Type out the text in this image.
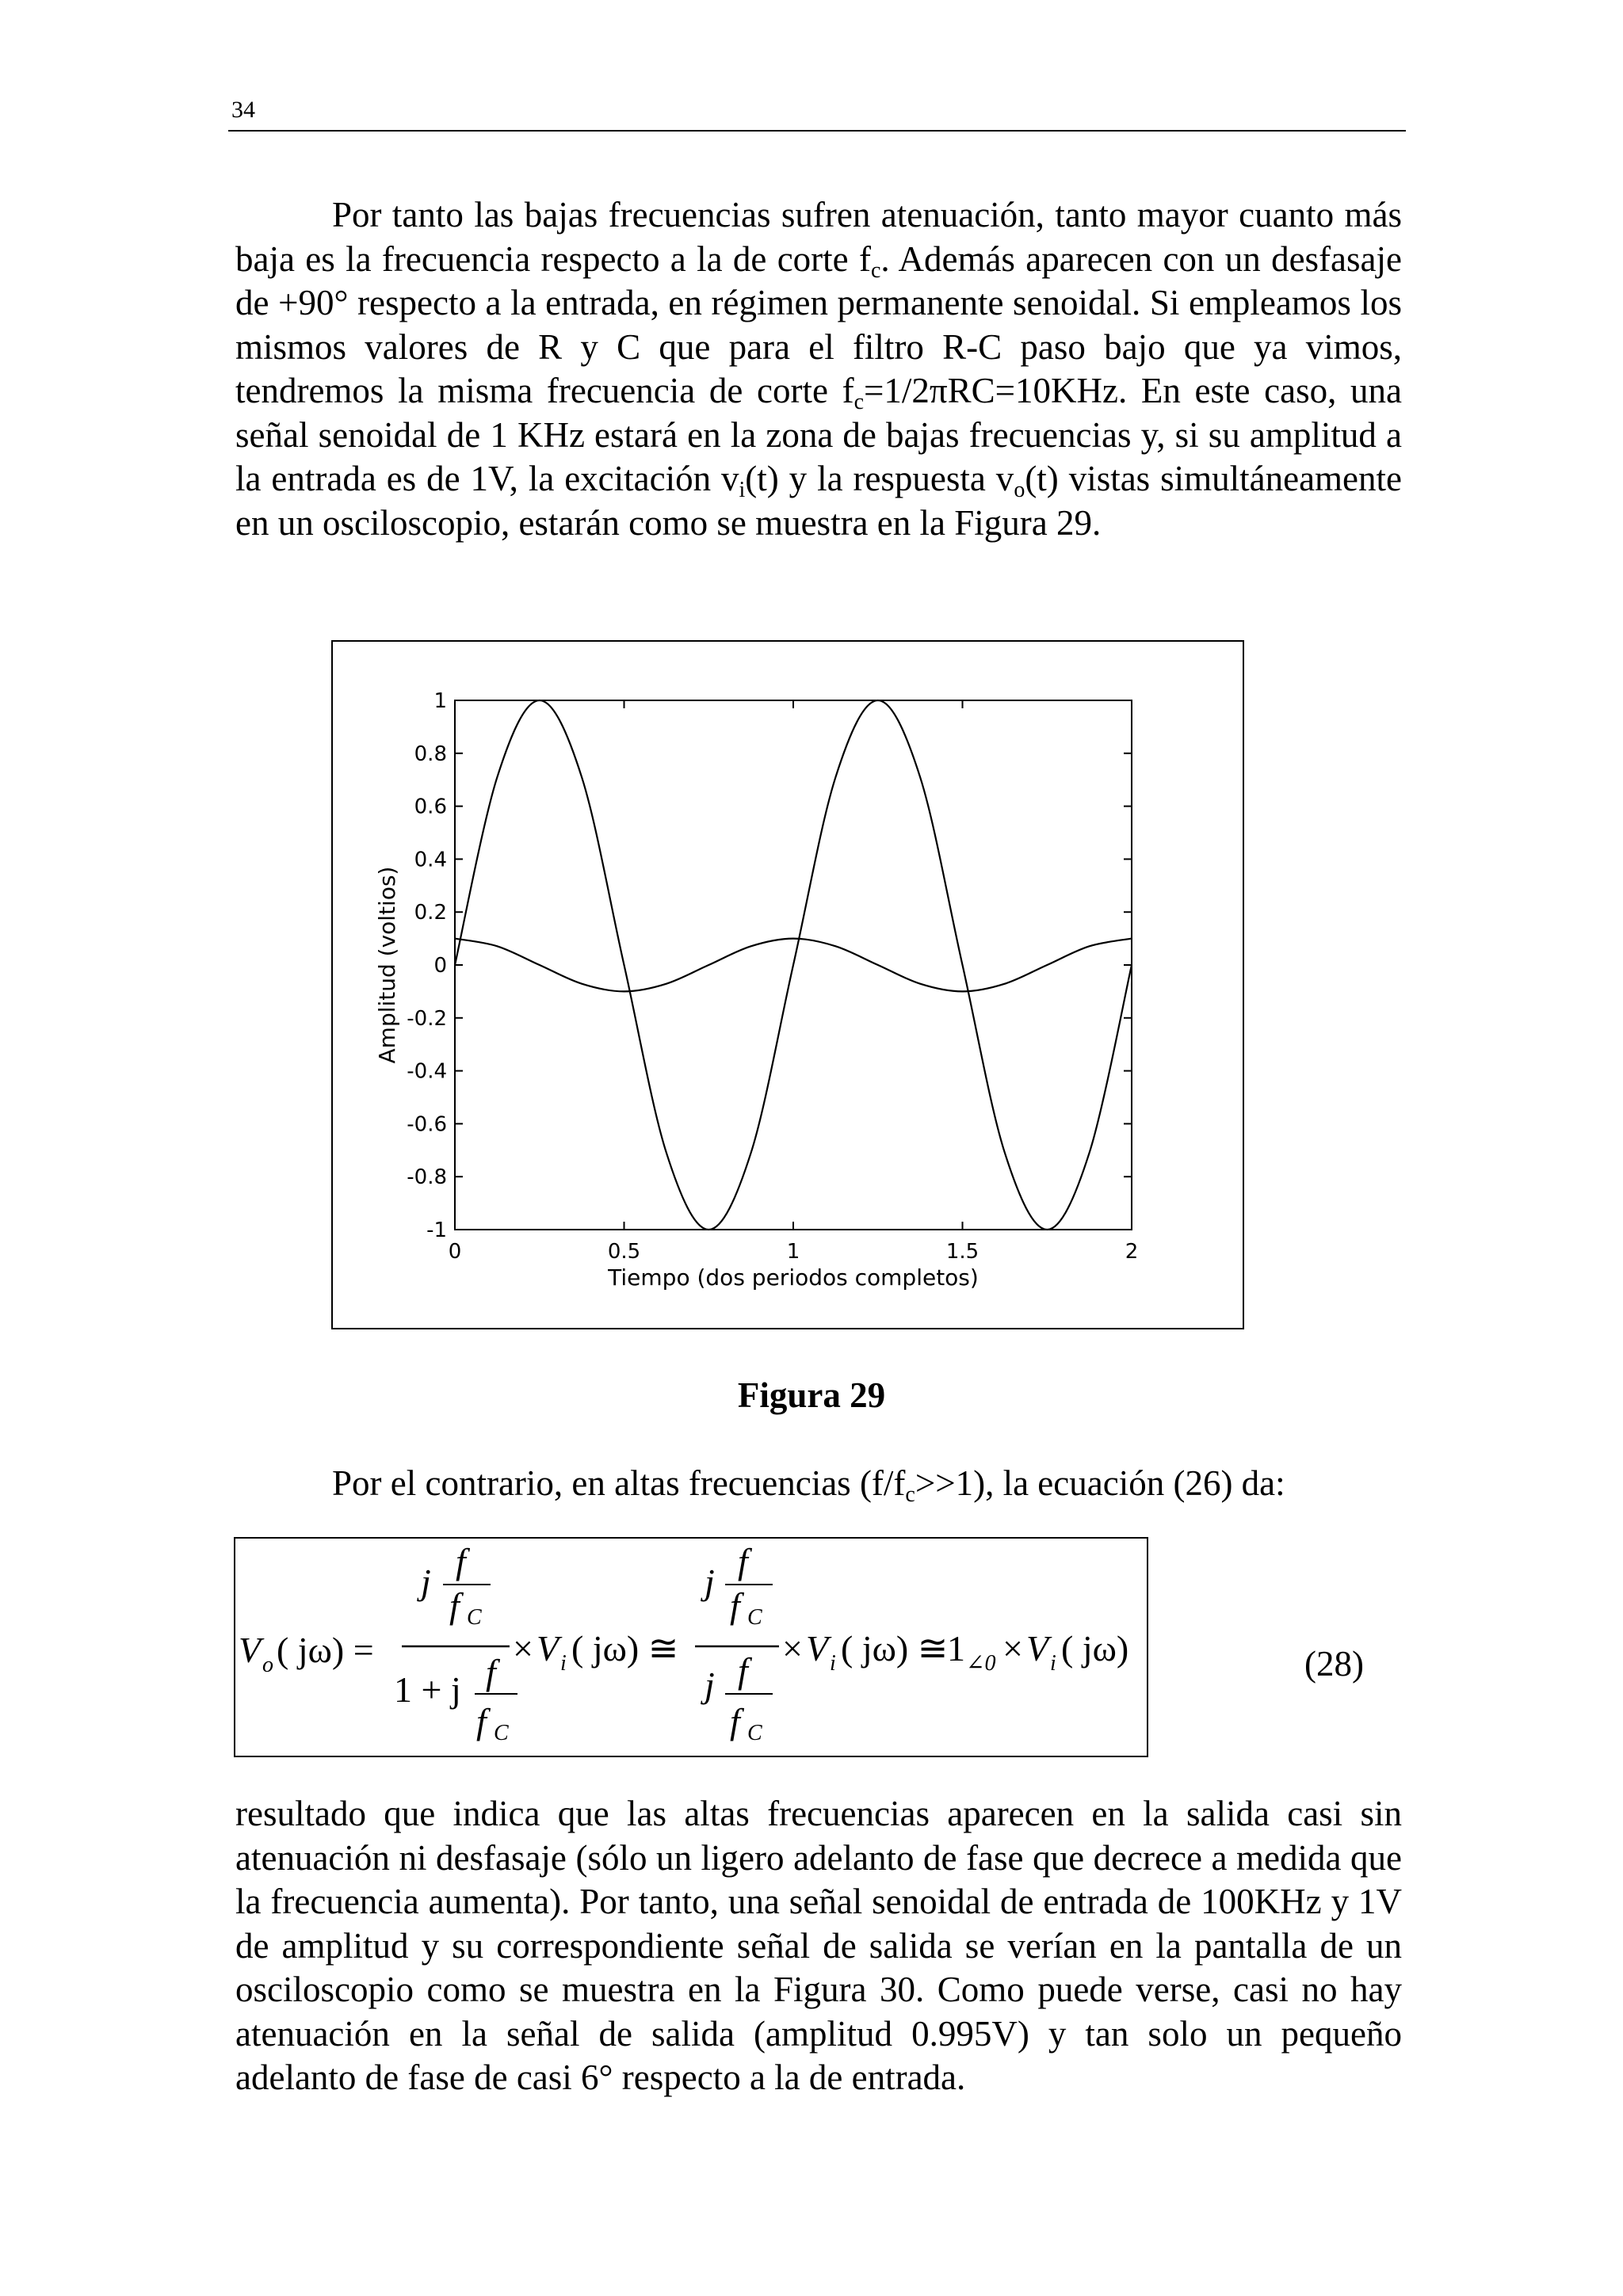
34

Por tanto las bajas frecuencias sufren atenuación, tanto mayor cuanto más baja es la frecuencia respecto a la de corte $f_c$. Además aparecen con un desfasaje de +90° respecto a la entrada, en régimen permanente senoidal. Si empleamos los mismos valores de R y C que para el filtro R-C paso bajo que ya vimos, tendremos la misma frecuencia de corte $f_c=1/2\pi RC=10KHz$. En este caso, una señal senoidal de 1 KHz estará en la zona de bajas frecuencias y, si su amplitud a la entrada es de 1V, la excitación $v_i(t)$ y la respuesta $v_o(t)$ vistas simultáneamente en un osciloscopio, estarán como se muestra en la Figura 29.

1
0.8
0.6
0.4
0.2
0
-0.2
-0.4
-0.6
-0.8
-1
0	0.5	1	1.5	2
Tiempo (dos periodos completos)
Amplitud (voltios)
Figura 29

Por el contrario, en altas frecuencias $(f/f_c>>1)$, la ecuación (26) da:

V o ( jω) =
j
f
f C
1 + j f
f C
× V i ( jω) ≅
j
f
f C
j f
f C
× V i ( jω) ≅
1 ∠0 × V i ( jω)	(28)

resultado que indica que las altas frecuencias aparecen en la salida casi sin atenuación ni desfasaje (sólo un ligero adelanto de fase que decrece a medida que la frecuencia aumenta). Por tanto, una señal senoidal de entrada de 100KHz y 1V de amplitud y su correspondiente señal de salida se verían en la pantalla de un osciloscopio como se muestra en la Figura 30. Como puede verse, casi no hay atenuación en la señal de salida (amplitud 0.995V) y tan solo un pequeño adelanto de fase de casi 6° respecto a la de entrada.
